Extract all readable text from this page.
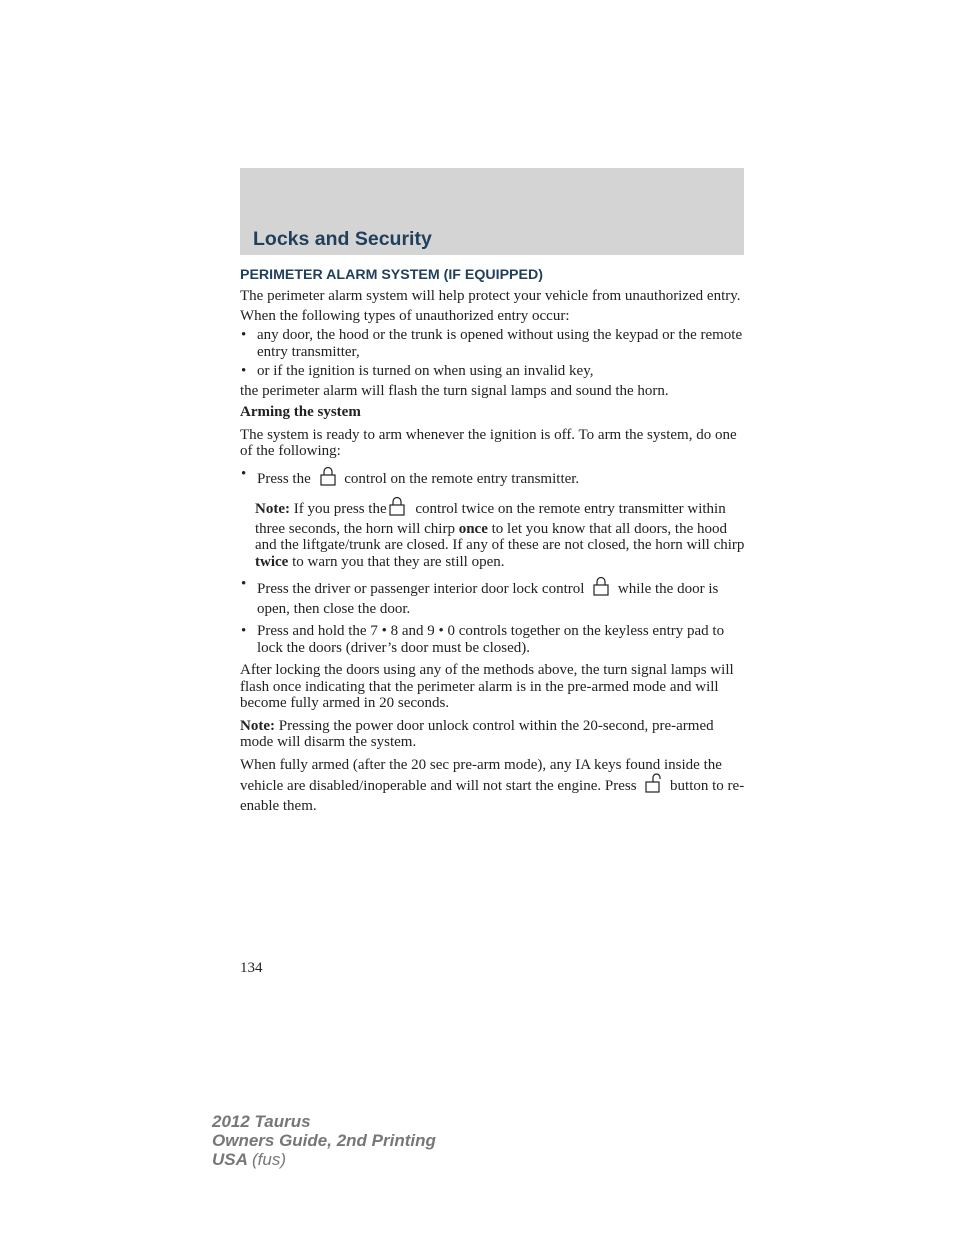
Locks and Security
PERIMETER ALARM SYSTEM (IF EQUIPPED)

The perimeter alarm system will help protect your vehicle from unauthorized entry.

When the following types of unauthorized entry occur:

• any door, the hood or the trunk is opened without using the keypad or the remote entry transmitter,
• or if the ignition is turned on when using an invalid key,

the perimeter alarm will flash the turn signal lamps and sound the horn.

Arming the system

The system is ready to arm whenever the ignition is off. To arm the system, do one of the following:

• Press the control on the remote entry transmitter.
Note: If you press the control twice on the remote entry transmitter within three seconds, the horn will chirp once to let you know that all doors, the hood and the liftgate/trunk are closed. If any of these are not closed, the horn will chirp twice to warn you that they are still open.
• Press the driver or passenger interior door lock control while the door is open, then close the door.
• Press and hold the 7 • 8 and 9 • 0 controls together on the keyless entry pad to lock the doors (driver’s door must be closed).

After locking the doors using any of the methods above, the turn signal lamps will flash once indicating that the perimeter alarm is in the pre-armed mode and will become fully armed in 20 seconds.

Note: Pressing the power door unlock control within the 20-second, pre-armed mode will disarm the system.

When fully armed (after the 20 sec pre-arm mode), any IA keys found inside the vehicle are disabled/inoperable and will not start the engine. Press button to re-enable them.

134
2012 Taurus
Owners Guide, 2nd Printing
USA (fus)
